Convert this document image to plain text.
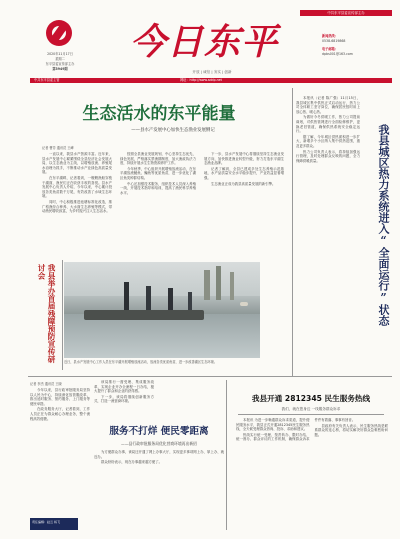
2020年11月17日
星期二
东平县委宣传部主办
第3949期
今日东平
开放 | 诚信 | 务实 | 创新
中共东平县委宣传部主办
新闻热线：
0538-6819868
电子邮箱：
dpbs001@163.com
中共东平县委主管	网址：http://www.sddp.net
生态活水的东平能量
——县水产发展中心加快生态渔业发展侧记
记者 曹芳 通讯员 王峰

一直以来，我县水产资源丰富。近年来，县水产发展中心紧紧围绕全县经济社会发展大局，以生态渔业为主线，以增殖放流、养殖尾水治理为抓手，不断推动水产业绿色高质量发展。

在东平湖畔，记者看到，一艘艘渔船穿梭于湖面，渔民们正在收获丰收的喜悦。县水产发展中心负责人介绍，今年以来，中心累计投放各类鱼苗数千万尾，有效改善了水域生态环境。

同时，中心积极推进池塘标准化改造，推广稻渔综合种养、大水面生态养殖等模式，带动渔民增收致富，为乡村振兴注入生态活水。

按照全县渔业发展规划，中心坚持生态优先、绿色发展，严格落实禁渔期制度，加大渔政执法力度，持续开展水生生物资源养护工作。

今年秋季，中心组织开展增殖放流活动，在东平湖放流鲢鱼、鳙鱼等优质鱼苗，进一步优化了湖区鱼类种群结构。

中心还加强技术服务，组织技术人员深入养殖一线，开展技术指导和培训，提高了渔民科学养殖水平。

下一步，县水产发展中心将继续坚持生态渔业发展方向，加快推进渔业转型升级，努力打造东平湖生态渔业品牌。

记者了解到，全县已建成多处生态养殖示范基地，水产品质量安全水平稳步提升，产业效益显著增强。

生态渔业正成为我县高质量发展的新引擎。

我县举办首届残障预防宣传研讨会
近日，县水产发展中心工作人员在东平湖开展增殖放流活动，放流各类优质鱼苗，进一步改善湖区生态环境。

本报讯（记者 陈广强）11月15日，我县城区集中供热正式启动运行，热力公司全体职工坚守岗位，确保居民按时用上放心热、暖心热。

为做好今冬供暖工作，热力公司提前谋划，对供热管网进行全面检修维护，更换老旧管道，确保供热系统安全稳定运行。

据了解，今年城区供热面积进一步扩大，新增多个小区纳入集中供热范围，惠及更多群众。

热力公司负责人表示，将持续加强运行管理，及时处理群众反映的问题，全力保障供暖质量。	我县城区热力系统进入“全面运行”状态
记者 李杰 通讯员 王晓

今年以来，县行政审批服务局坚持以人民为中心，持续深化放管服改革，推出延时服务、预约服务、上门服务等便民举措。

在政务服务大厅，记者看到，工作人员正在为群众耐心办理业务，整个流程高效便捷。

服务不打烊 便民零距离
——县行政审批服务局优化营商环境再出新招

该局推行一窗受理、集成服务改革，实现企业开办全流程一日办结，极大提升了群众和企业的获得感。

下一步，该局将继续创新服务方式，打造一流营商环境。

为方便群众办事，该局还开通了网上办事大厅，实现更多事项网上办、掌上办、就近办。

群众纷纷表示，现在办事越来越方便了。

责任编辑：赵云 杨飞
我县开通 2812345 民生服务热线
我们，就在您身边 一线服务群众诉求

本报讯 为进一步畅通群众诉求渠道，提升便民服务水平，我县正式开通2812345民生服务热线，全天候受理群众咨询、投诉、求助和建议。

热线实行统一受理、按责转办、限时办结、统一督办、群众评议的工作机制，确保群众诉求件件有着落、事事有回音。

县政府有关负责人表示，民生服务热线是联系群众的连心桥，将切实解决好群众急难愁盼问题。
